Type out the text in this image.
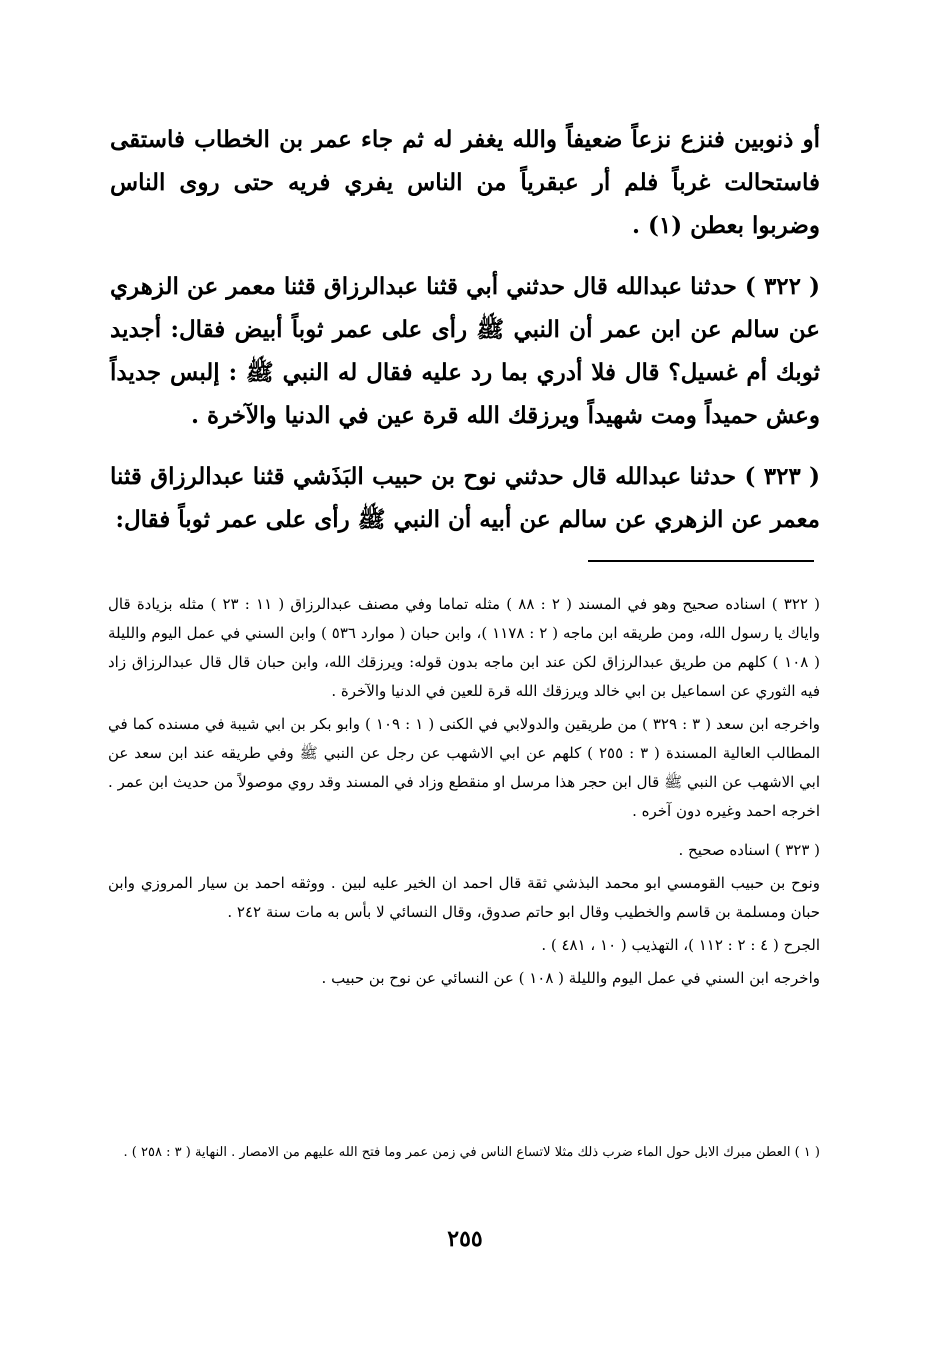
أو ذنوبين فنزع نزعاً ضعيفاً والله يغفر له ثم جاء عمر بن الخطاب فاستقى فاستحالت غرباً فلم أر عبقرياً من الناس يفري فريه حتى روى الناس وضربوا بعطن (١) .

( ٣٢٢ ) حدثنا عبدالله قال حدثني أبي قثنا عبدالرزاق قثنا معمر عن الزهري عن سالم عن ابن عمر أن النبي ﷺ رأى على عمر ثوباً أبيض فقال: أجديد ثوبك أم غسيل؟ قال فلا أدري بما رد عليه فقال له النبي ﷺ : إلبس جديداً وعش حميداً ومت شهيداً ويرزقك الله قرة عين في الدنيا والآخرة .

( ٣٢٣ ) حدثنا عبدالله قال حدثني نوح بن حبيب البَذَشي قثنا عبدالرزاق قثنا معمر عن الزهري عن سالم عن أبيه أن النبي ﷺ رأى على عمر ثوباً فقال:

( ٣٢٢ ) اسناده صحيح وهو في المسند ( ٢ : ٨٨ ) مثله تماما وفي مصنف عبدالرزاق ( ١١ : ٢٣ ) مثله بزيادة قال واياك يا رسول الله، ومن طريقه ابن ماجه ( ٢ : ١١٧٨ )، وابن حبان ( موارد ٥٣٦ ) وابن السني في عمل اليوم والليلة ( ١٠٨ ) كلهم من طريق عبدالرزاق لكن عند ابن ماجه بدون قوله: ويرزقك الله، وابن حبان قال قال عبدالرزاق زاد فيه الثوري عن اسماعيل بن ابي خالد ويرزقك الله قرة للعين في الدنيا والآخرة .

واخرجه ابن سعد ( ٣ : ٣٢٩ ) من طريقين والدولابي في الكنى ( ١ : ١٠٩ ) وابو بكر بن ابي شيبة في مسنده كما في المطالب العالية المسندة ( ٣ : ٢٥٥ ) كلهم عن ابي الاشهب عن رجل عن النبي ﷺ وفي طريقه عند ابن سعد عن ابي الاشهب عن النبي ﷺ قال ابن حجر هذا مرسل او منقطع وزاد في المسند وقد روي موصولاً من حديث ابن عمر . اخرجه احمد وغيره دون آخره .

( ٣٢٣ ) اسناده صحيح .

ونوح بن حبيب القومسي ابو محمد البذشي ثقة قال احمد ان الخير عليه لبين . ووثقه احمد بن سيار المروزي وابن حبان ومسلمة بن قاسم والخطيب وقال ابو حاتم صدوق، وقال النسائي لا بأس به مات سنة ٢٤٢ .

الجرح ( ٤ : ٢ : ١١٢ )، التهذيب ( ١٠ ، ٤٨١ ) .

واخرجه ابن السني في عمل اليوم والليلة ( ١٠٨ ) عن النسائي عن نوح بن حبيب .

( ١ ) العطن مبرك الابل حول الماء ضرب ذلك مثلا لاتساع الناس في زمن عمر وما فتح الله عليهم من الامصار . النهاية ( ٣ : ٢٥٨ ) .
٢٥٥
